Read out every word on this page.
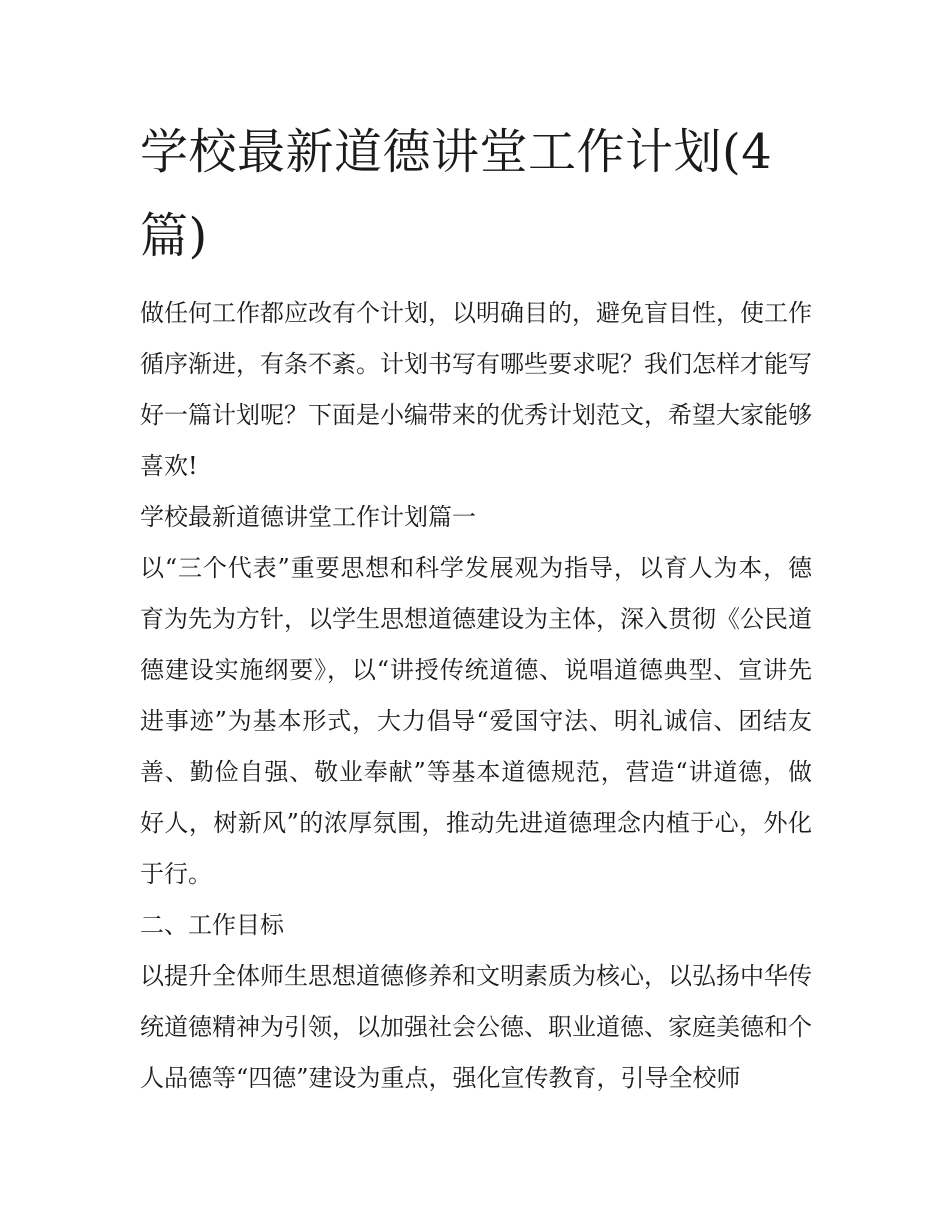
学校最新道德讲堂工作计划(4篇)

做任何工作都应改有个计划，以明确目的，避免盲目性，使工作循序渐进，有条不紊。计划书写有哪些要求呢？我们怎样才能写好一篇计划呢？下面是小编带来的优秀计划范文，希望大家能够喜欢!

学校最新道德讲堂工作计划篇一

以“三个代表”重要思想和科学发展观为指导，以育人为本，德育为先为方针，以学生思想道德建设为主体，深入贯彻《公民道德建设实施纲要》，以“讲授传统道德、说唱道德典型、宣讲先进事迹”为基本形式，大力倡导“爱国守法、明礼诚信、团结友善、勤俭自强、敬业奉献”等基本道德规范，营造“讲道德，做好人，树新风”的浓厚氛围，推动先进道德理念内植于心，外化于行。

二、工作目标

以提升全体师生思想道德修养和文明素质为核心，以弘扬中华传统道德精神为引领，以加强社会公德、职业道德、家庭美德和个人品德等“四德”建设为重点，强化宣传教育，引导全校师
